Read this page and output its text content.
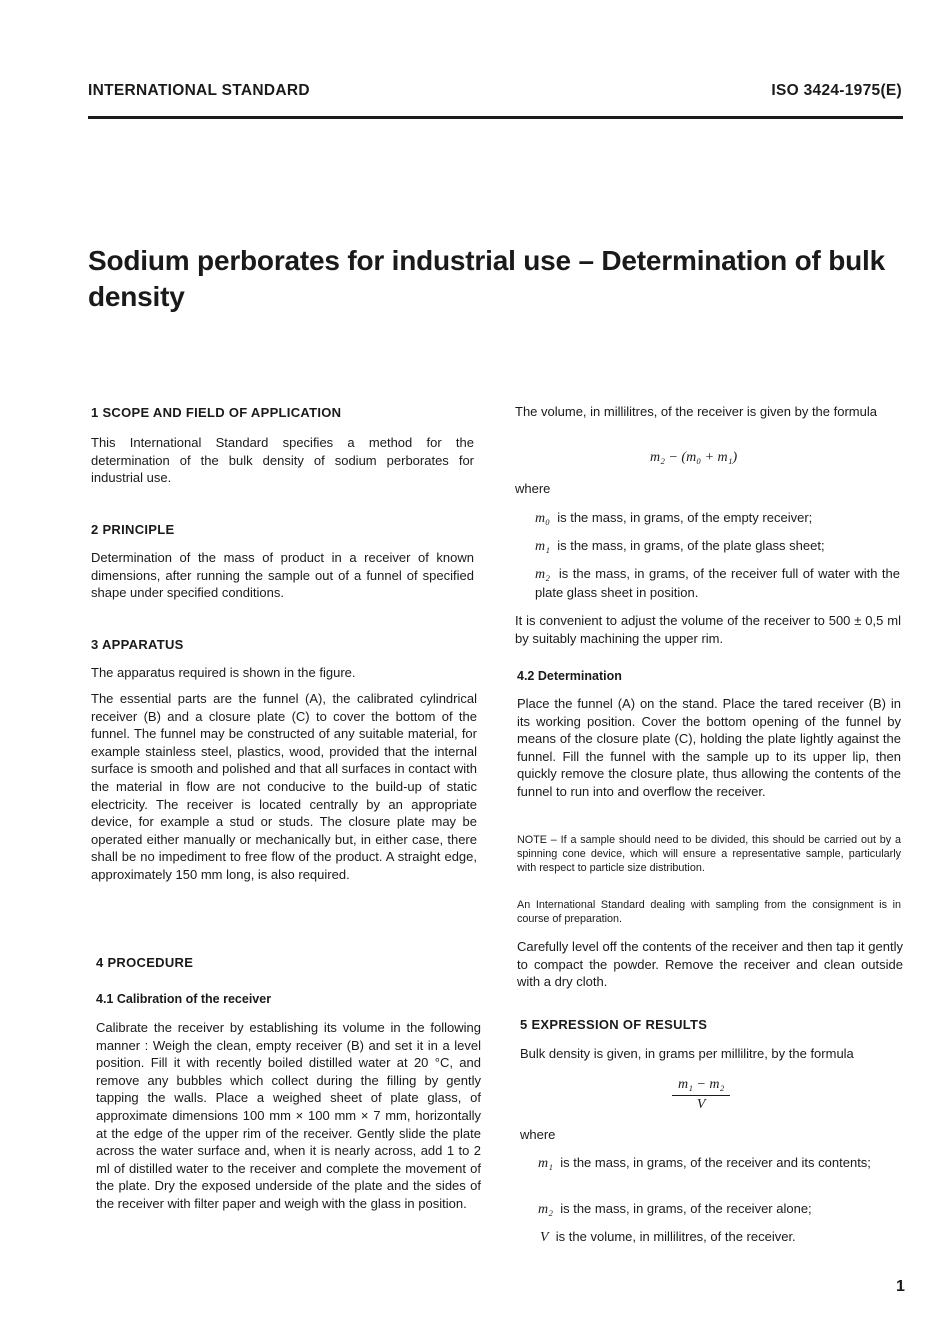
INTERNATIONAL STANDARD	ISO 3424-1975(E)
Sodium perborates for industrial use – Determination of bulk density
1 SCOPE AND FIELD OF APPLICATION

This International Standard specifies a method for the determination of the bulk density of sodium perborates for industrial use.

2 PRINCIPLE

Determination of the mass of product in a receiver of known dimensions, after running the sample out of a funnel of specified shape under specified conditions.

3 APPARATUS

The apparatus required is shown in the figure.

The essential parts are the funnel (A), the calibrated cylindrical receiver (B) and a closure plate (C) to cover the bottom of the funnel. The funnel may be constructed of any suitable material, for example stainless steel, plastics, wood, provided that the internal surface is smooth and polished and that all surfaces in contact with the material in flow are not conducive to the build-up of static electricity. The receiver is located centrally by an appropriate device, for example a stud or studs. The closure plate may be operated either manually or mechanically but, in either case, there shall be no impediment to free flow of the product. A straight edge, approximately 150 mm long, is also required.

4 PROCEDURE
4.1 Calibration of the receiver

Calibrate the receiver by establishing its volume in the following manner : Weigh the clean, empty receiver (B) and set it in a level position. Fill it with recently boiled distilled water at 20 °C, and remove any bubbles which collect during the filling by gently tapping the walls. Place a weighed sheet of plate glass, of approximate dimensions 100 mm × 100 mm × 7 mm, horizontally at the edge of the upper rim of the receiver. Gently slide the plate across the water surface and, when it is nearly across, add 1 to 2 ml of distilled water to the receiver and complete the movement of the plate. Dry the exposed underside of the plate and the sides of the receiver with filter paper and weigh with the glass in position.

The volume, in millilitres, of the receiver is given by the formula

m₂ − (m₀ + m₁)
where
m₀ is the mass, in grams, of the empty receiver;
m₁ is the mass, in grams, of the plate glass sheet;
m₂ is the mass, in grams, of the receiver full of water with the plate glass sheet in position.

It is convenient to adjust the volume of the receiver to 500 ± 0,5 ml by suitably machining the upper rim.

4.2 Determination

Place the funnel (A) on the stand. Place the tared receiver (B) in its working position. Cover the bottom opening of the funnel by means of the closure plate (C), holding the plate lightly against the funnel. Fill the funnel with the sample up to its upper lip, then quickly remove the closure plate, thus allowing the contents of the funnel to run into and overflow the receiver.

NOTE – If a sample should need to be divided, this should be carried out by a spinning cone device, which will ensure a representative sample, particularly with respect to particle size distribution.

An International Standard dealing with sampling from the consignment is in course of preparation.

Carefully level off the contents of the receiver and then tap it gently to compact the powder. Remove the receiver and clean outside with a dry cloth.

5 EXPRESSION OF RESULTS

Bulk density is given, in grams per millilitre, by the formula

$\frac{\text{m₁ − m₂}}{V}$
where
m₁ is the mass, in grams, of the receiver and its contents;
m₂ is the mass, in grams, of the receiver alone;
V is the volume, in millilitres, of the receiver.
1
